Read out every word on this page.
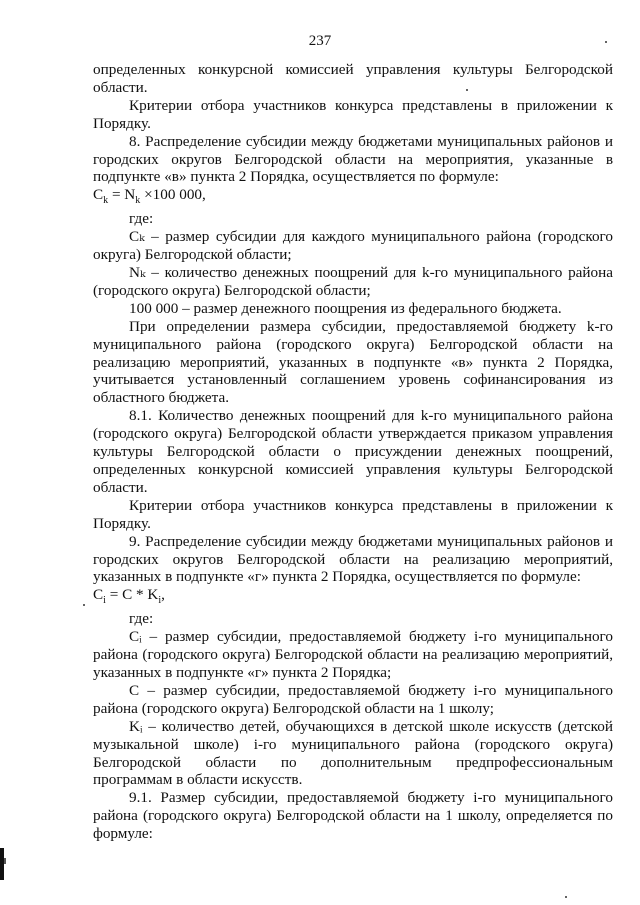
237

определенных конкурсной комиссией управления культуры Белгородской области.

Критерии отбора участников конкурса представлены в приложении к Порядку.

8. Распределение субсидии между бюджетами муниципальных районов и городских округов Белгородской области на мероприятия, указанные в подпункте «в» пункта 2 Порядка, осуществляется по формуле:

$C_k = N_k \times 100$ 000,

где:

Cₖ – размер субсидии для каждого муниципального района (городского округа) Белгородской области;

Nₖ – количество денежных поощрений для k-го муниципального района (городского округа) Белгородской области;

100 000 – размер денежного поощрения из федерального бюджета.

При определении размера субсидии, предоставляемой бюджету k-го муниципального района (городского округа) Белгородской области на реализацию мероприятий, указанных в подпункте «в» пункта 2 Порядка, учитывается установленный соглашением уровень софинансирования из областного бюджета.

8.1. Количество денежных поощрений для k-го муниципального района (городского округа) Белгородской области утверждается приказом управления культуры Белгородской области о присуждении денежных поощрений, определенных конкурсной комиссией управления культуры Белгородской области.

Критерии отбора участников конкурса представлены в приложении к Порядку.

9. Распределение субсидии между бюджетами муниципальных районов и городских округов Белгородской области на реализацию мероприятий, указанных в подпункте «г» пункта 2 Порядка, осуществляется по формуле:

$C_i = C * K_i$,

где:

Cᵢ – размер субсидии, предоставляемой бюджету i-го муниципального района (городского округа) Белгородской области на реализацию мероприятий, указанных в подпункте «г» пункта 2 Порядка;

С – размер субсидии, предоставляемой бюджету i-го муниципального района (городского округа) Белгородской области на 1 школу;

Kᵢ – количество детей, обучающихся в детской школе искусств (детской музыкальной школе) i-го муниципального района (городского округа) Белгородской области по дополнительным предпрофессиональным программам в области искусств.

9.1. Размер субсидии, предоставляемой бюджету i-го муниципального района (городского округа) Белгородской области на 1 школу, определяется по формуле:
